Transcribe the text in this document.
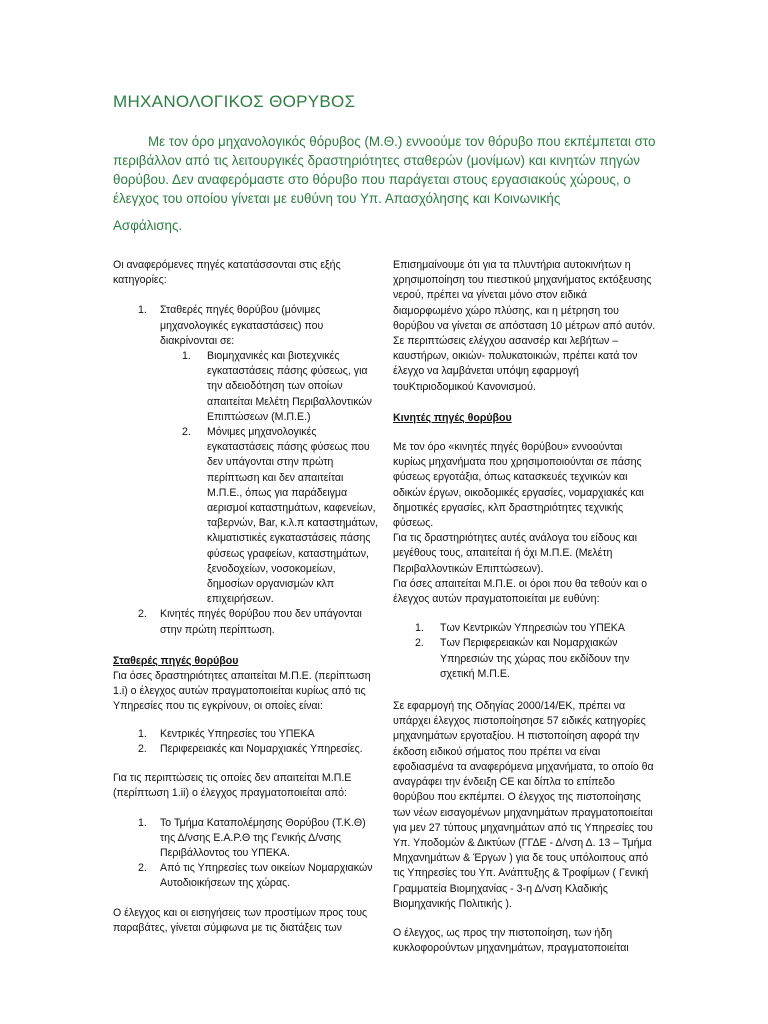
ΜΗΧΑΝΟΛΟΓΙΚΟΣ ΘΟΡΥΒΟΣ

Με τον όρο μηχανολογικός θόρυβος (Μ.Θ.) εννοούμε τον θόρυβο που εκπέμπεται στο περιβάλλον από τις λειτουργικές δραστηριότητες σταθερών (μονίμων) και κινητών πηγών θορύβου. Δεν αναφερόμαστε στο θόρυβο που παράγεται στους εργασιακούς χώρους, ο έλεγχος του οποίου γίνεται με ευθύνη του Υπ. Απασχόλησης και Κοινωνικής

Ασφάλισης.

Οι αναφερόμενες πηγές κατατάσσονται στις εξής κατηγορίες:

1. Σταθερές πηγές θορύβου (μόνιμες μηχανολογικές εγκαταστάσεις) που διακρίνονται σε:
1. Βιομηχανικές και βιοτεχνικές εγκαταστάσεις πάσης φύσεως, για την αδειοδότηση των οποίων απαιτείται Μελέτη Περιβαλλοντικών Επιπτώσεων (Μ.Π.Ε.)
2. Μόνιμες μηχανολογικές εγκαταστάσεις πάσης φύσεως που δεν υπάγονται στην πρώτη περίπτωση και δεν απαιτείται Μ.Π.Ε., όπως για παράδειγμα αερισμοί καταστημάτων, καφενείων, ταβερνών, Bar, κ.λ.π καταστημάτων, κλιματιστικές εγκαταστάσεις πάσης φύσεως γραφείων, καταστημάτων, ξενοδοχείων, νοσοκομείων, δημοσίων οργανισμών κλπ επιχειρήσεων.
2. Κινητές πηγές θορύβου που δεν υπάγονται στην πρώτη περίπτωση.

Σταθερές πηγές θορύβου

Για όσες δραστηριότητες απαιτείται Μ.Π.Ε. (περίπτωση 1.i) ο έλεγχος αυτών πραγματοποιείται κυρίως από τις Υπηρεσίες που τις εγκρίνουν, οι οποίες είναι:

1. Κεντρικές Υπηρεσίες του ΥΠΕΚΑ
2. Περιφερειακές και Νομαρχιακές Υπηρεσίες.

Για τις περιπτώσεις τις οποίες δεν απαιτείται Μ.Π.Ε (περίπτωση 1.ii) ο έλεγχος πραγματοποιείται από:

1. Το Τμήμα Καταπολέμησης Θορύβου (Τ.Κ.Θ) της Δ/νσης Ε.Α.Ρ.Θ της Γενικής Δ/νσης Περιβάλλοντος του ΥΠΕΚΑ.
2. Από τις Υπηρεσίες των οικείων Νομαρχιακών Αυτοδιοικήσεων της χώρας.

Ο έλεγχος και οι εισηγήσεις των προστίμων προς τους παραβάτες, γίνεται σύμφωνα με τις διατάξεις των

Επισημαίνουμε ότι για τα πλυντήρια αυτοκινήτων η χρησιμοποίηση του πιεστικού μηχανήματος εκτόξευσης νερού, πρέπει να γίνεται μόνο στον ειδικά διαμορφωμένο χώρο πλύσης, και η μέτρηση του θορύβου να γίνεται σε απόσταση 10 μέτρων από αυτόν. Σε περιπτώσεις ελέγχου ασανσέρ και λεβήτων – καυστήρων, οικιών- πολυκατοικιών, πρέπει κατά τον έλεγχο να λαμβάνεται υπόψη εφαρμογή τουΚτιριοδομικού Κανονισμού.

Κινητές πηγές θορύβου

Με τον όρο «κινητές πηγές θορύβου» εννοούνται κυρίως μηχανήματα που χρησιμοποιούνται σε πάσης φύσεως εργοτάξια, όπως κατασκευές τεχνικών και οδικών έργων, οικοδομικές εργασίες, νομαρχιακές και δημοτικές εργασίες, κλπ δραστηριότητες τεχνικής φύσεως.

Για τις δραστηριότητες αυτές ανάλογα του είδους και μεγέθους τους, απαιτείται ή όχι Μ.Π.Ε. (Μελέτη Περιβαλλοντικών Επιπτώσεων).

Για όσες απαιτείται Μ.Π.Ε. οι όροι που θα τεθούν και ο έλεγχος αυτών πραγματοποιείται με ευθύνη:

1. Των Κεντρικών Υπηρεσιών του ΥΠΕΚΑ
2. Των Περιφερειακών και Νομαρχιακών Υπηρεσιών της χώρας που εκδίδουν την σχετική Μ.Π.Ε.

Σε εφαρμογή της Οδηγίας 2000/14/ΕΚ, πρέπει να υπάρχει έλεγχος πιστοποίησησε 57 ειδικές κατηγορίες μηχανημάτων εργοταξίου. Η πιστοποίηση αφορά την έκδοση ειδικού σήματος που πρέπει να είναι εφοδιασμένα τα αναφερόμενα μηχανήματα, το οποίο θα αναγράφει την ένδειξη CE και δίπλα το επίπεδο θορύβου που εκπέμπει. Ο έλεγχος της πιστοποίησης των νέων εισαγομένων μηχανημάτων πραγματοποιείται για μεν 27 τύπους μηχανημάτων από τις Υπηρεσίες του Υπ. Υποδομών & Δικτύων (ΓΓΔΕ - Δ/νση Δ. 13 – Τμήμα Μηχανημάτων & Έργων ) για δε τους υπόλοιπους από τις Υπηρεσίες του Υπ. Ανάπτυξης & Τροφίμων ( Γενική Γραμματεία Βιομηχανίας - 3-η Δ/νση Κλαδικής Βιομηχανικής Πολιτικής ).

Ο έλεγχος, ως προς την πιστοποίηση, των ήδη κυκλοφορούντων μηχανημάτων, πραγματοποιείται
